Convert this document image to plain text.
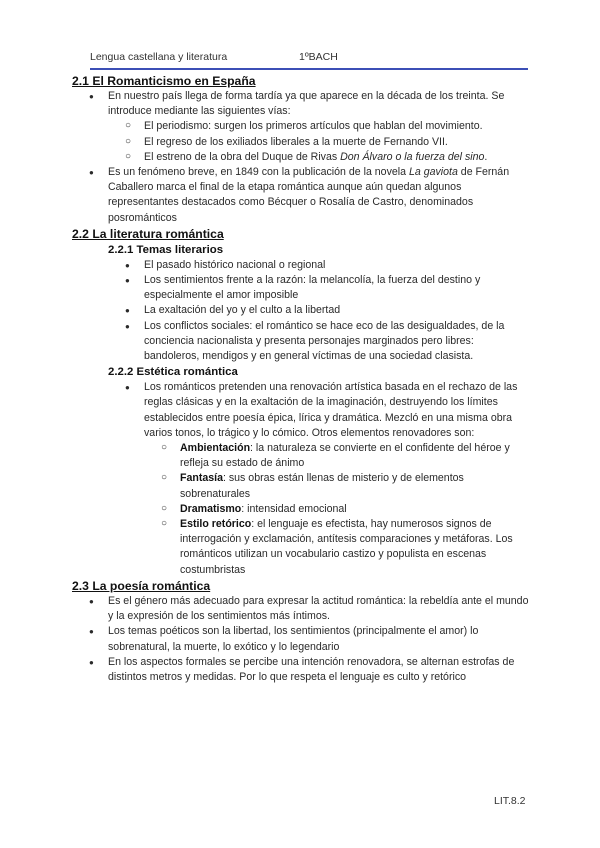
Lengua castellana y literatura	1ºBACH
2.1 El Romanticismo en España
● En nuestro país llega de forma tardía ya que aparece en la década de los treinta. Se introduce mediante las siguientes vías:
○ El periodismo: surgen los primeros artículos que hablan del movimiento.
○ El regreso de los exiliados liberales a la muerte de Fernando VII.
○ El estreno de la obra del Duque de Rivas Don Álvaro o la fuerza del sino.
● Es un fenómeno breve, en 1849 con la publicación de la novela La gaviota de Fernán Caballero marca el final de la etapa romántica aunque aún quedan algunos representantes destacados como Bécquer o Rosalía de Castro, denominados posrománticos
2.2 La literatura romántica
2.2.1 Temas literarios
● El pasado histórico nacional o regional
● Los sentimientos frente a la razón: la melancolía, la fuerza del destino y especialmente el amor imposible
● La exaltación del yo y el culto a la libertad
● Los conflictos sociales: el romántico se hace eco de las desigualdades, de la conciencia nacionalista y presenta personajes marginados pero libres: bandoleros, mendigos y en general víctimas de una sociedad clasista.
2.2.2 Estética romántica
● Los románticos pretenden una renovación artística basada en el rechazo de las reglas clásicas y en la exaltación de la imaginación, destruyendo los límites establecidos entre poesía épica, lírica y dramática. Mezcló en una misma obra varios tonos, lo trágico y lo cómico. Otros elementos renovadores son:
○ Ambientación: la naturaleza se convierte en el confidente del héroe y refleja su estado de ánimo
○ Fantasía: sus obras están llenas de misterio y de elementos sobrenaturales
○ Dramatismo: intensidad emocional
○ Estilo retórico: el lenguaje es efectista, hay numerosos signos de interrogación y exclamación, antítesis comparaciones y metáforas. Los románticos utilizan un vocabulario castizo y populista en escenas costumbristas
2.3 La poesía romántica
● Es el género más adecuado para expresar la actitud romántica: la rebeldía ante el mundo y la expresión de los sentimientos más íntimos.
● Los temas poéticos son la libertad, los sentimientos (principalmente el amor) lo sobrenatural, la muerte, lo exótico y lo legendario
● En los aspectos formales se percibe una intención renovadora, se alternan estrofas de distintos metros y medidas. Por lo que respeta el lenguaje es culto y retórico
LIT.8.2
